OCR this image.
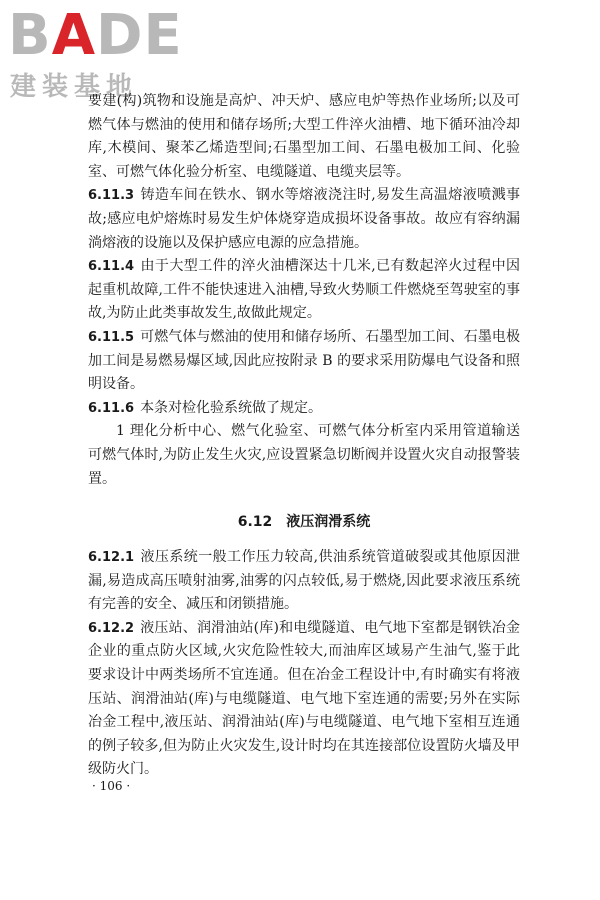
BADE
建装基地

要建(构)筑物和设施是高炉、冲天炉、感应电炉等热作业场所;以及可燃气体与燃油的使用和储存场所;大型工件淬火油槽、地下循环油冷却库,木模间、聚苯乙烯造型间;石墨型加工间、石墨电极加工间、化验室、可燃气体化验分析室、电缆隧道、电缆夹层等。

6.11.3 铸造车间在铁水、钢水等熔液浇注时,易发生高温熔液喷溅事故;感应电炉熔炼时易发生炉体烧穿造成损坏设备事故。故应有容纳漏淌熔液的设施以及保护感应电源的应急措施。

6.11.4 由于大型工件的淬火油槽深达十几米,已有数起淬火过程中因起重机故障,工件不能快速进入油槽,导致火势顺工件燃烧至驾驶室的事故,为防止此类事故发生,故做此规定。

6.11.5 可燃气体与燃油的使用和储存场所、石墨型加工间、石墨电极加工间是易燃易爆区域,因此应按附录 B 的要求采用防爆电气设备和照明设备。

6.11.6 本条对检化验系统做了规定。

1 理化分析中心、燃气化验室、可燃气体分析室内采用管道输送可燃气体时,为防止发生火灾,应设置紧急切断阀并设置火灾自动报警装置。

6.12 液压润滑系统

6.12.1 液压系统一般工作压力较高,供油系统管道破裂或其他原因泄漏,易造成高压喷射油雾,油雾的闪点较低,易于燃烧,因此要求液压系统有完善的安全、减压和闭锁措施。

6.12.2 液压站、润滑油站(库)和电缆隧道、电气地下室都是钢铁冶金企业的重点防火区域,火灾危险性较大,而油库区域易产生油气,鉴于此要求设计中两类场所不宜连通。但在冶金工程设计中,有时确实有将液压站、润滑油站(库)与电缆隧道、电气地下室连通的需要;另外在实际冶金工程中,液压站、润滑油站(库)与电缆隧道、电气地下室相互连通的例子较多,但为防止火灾发生,设计时均在其连接部位设置防火墙及甲级防火门。

· 106 ·
